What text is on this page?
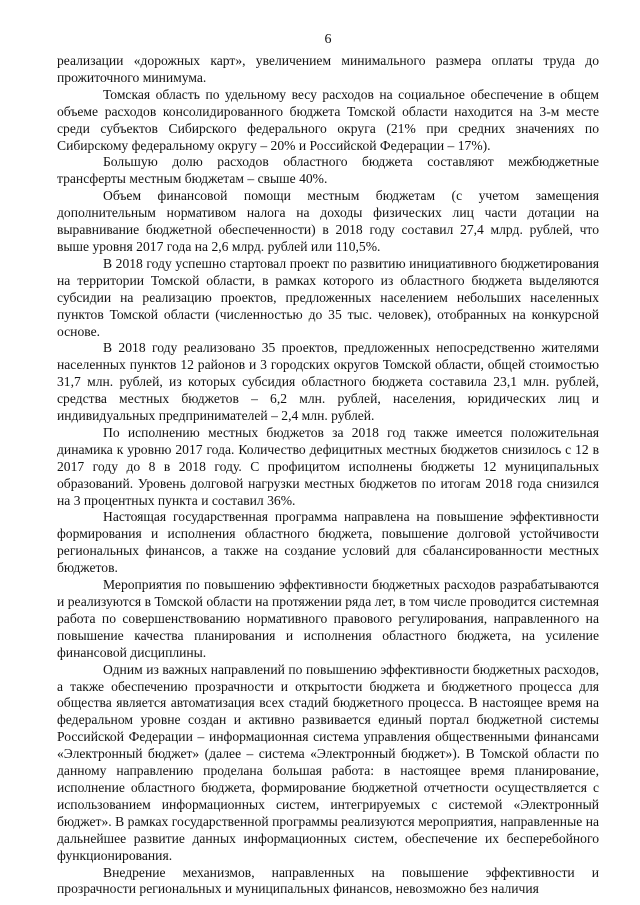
6

реализации «дорожных карт», увеличением минимального размера оплаты труда до прожиточного минимума.

Томская область по удельному весу расходов на социальное обеспечение в общем объеме расходов консолидированного бюджета Томской области находится на 3-м месте среди субъектов Сибирского федерального округа (21% при средних значениях по Сибирскому федеральному округу – 20% и Российской Федерации – 17%).

Большую долю расходов областного бюджета составляют межбюджетные трансферты местным бюджетам – свыше 40%.

Объем финансовой помощи местным бюджетам (с учетом замещения дополнительным нормативом налога на доходы физических лиц части дотации на выравнивание бюджетной обеспеченности) в 2018 году составил 27,4 млрд. рублей, что выше уровня 2017 года на 2,6 млрд. рублей или 110,5%.

В 2018 году успешно стартовал проект по развитию инициативного бюджетирования на территории Томской области, в рамках которого из областного бюджета выделяются субсидии на реализацию проектов, предложенных населением небольших населенных пунктов Томской области (численностью до 35 тыс. человек), отобранных на конкурсной основе.

В 2018 году реализовано 35 проектов, предложенных непосредственно жителями населенных пунктов 12 районов и 3 городских округов Томской области, общей стоимостью 31,7 млн. рублей, из которых субсидия областного бюджета составила 23,1 млн. рублей, средства местных бюджетов – 6,2 млн. рублей, населения, юридических лиц и индивидуальных предпринимателей – 2,4 млн. рублей.

По исполнению местных бюджетов за 2018 год также имеется положительная динамика к уровню 2017 года. Количество дефицитных местных бюджетов снизилось с 12 в 2017 году до 8 в 2018 году. С профицитом исполнены бюджеты 12 муниципальных образований. Уровень долговой нагрузки местных бюджетов по итогам 2018 года снизился на 3 процентных пункта и составил 36%.

Настоящая государственная программа направлена на повышение эффективности формирования и исполнения областного бюджета, повышение долговой устойчивости региональных финансов, а также на создание условий для сбалансированности местных бюджетов.

Мероприятия по повышению эффективности бюджетных расходов разрабатываются и реализуются в Томской области на протяжении ряда лет, в том числе проводится системная работа по совершенствованию нормативного правового регулирования, направленного на повышение качества планирования и исполнения областного бюджета, на усиление финансовой дисциплины.

Одним из важных направлений по повышению эффективности бюджетных расходов, а также обеспечению прозрачности и открытости бюджета и бюджетного процесса для общества является автоматизация всех стадий бюджетного процесса. В настоящее время на федеральном уровне создан и активно развивается единый портал бюджетной системы Российской Федерации – информационная система управления общественными финансами «Электронный бюджет» (далее – система «Электронный бюджет»). В Томской области по данному направлению проделана большая работа: в настоящее время планирование, исполнение областного бюджета, формирование бюджетной отчетности осуществляется с использованием информационных систем, интегрируемых с системой «Электронный бюджет». В рамках государственной программы реализуются мероприятия, направленные на дальнейшее развитие данных информационных систем, обеспечение их бесперебойного функционирования.

Внедрение механизмов, направленных на повышение эффективности и прозрачности региональных и муниципальных финансов, невозможно без наличия
